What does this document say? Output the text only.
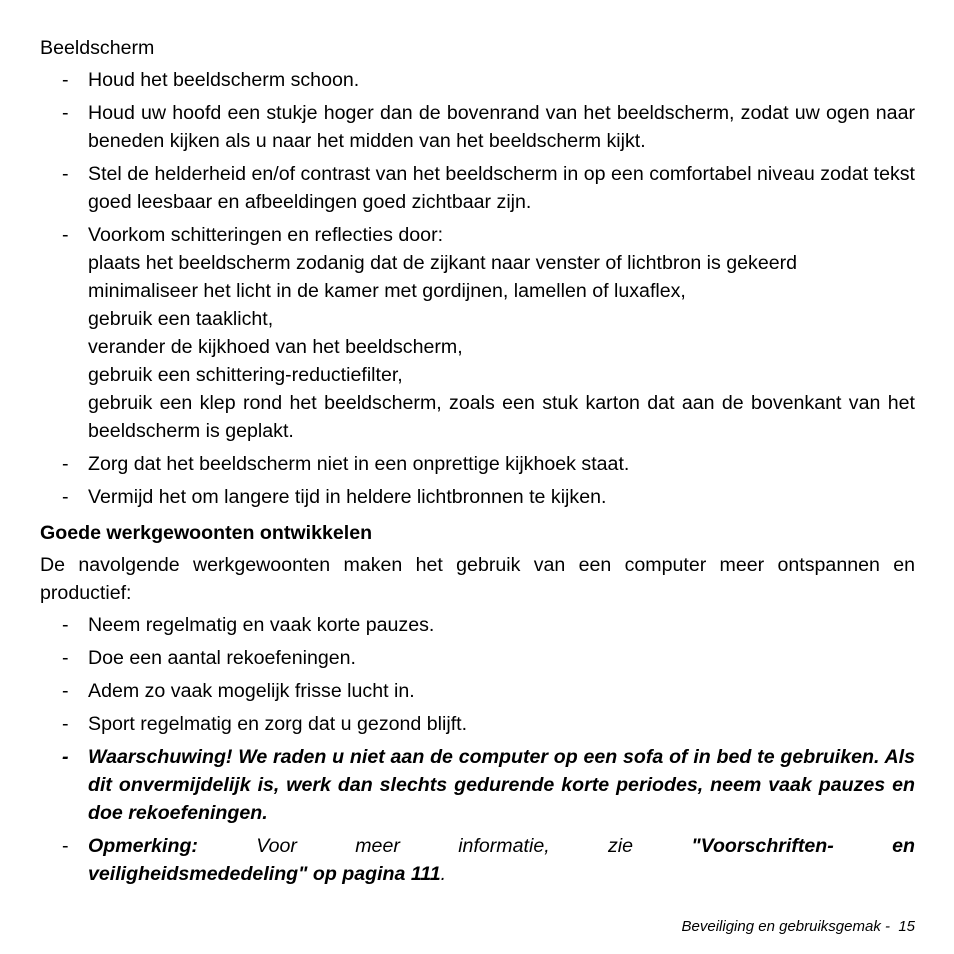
Beeldscherm
- Houd het beeldscherm schoon.
- Houd uw hoofd een stukje hoger dan de bovenrand van het beeldscherm, zodat uw ogen naar beneden kijken als u naar het midden van het beeldscherm kijkt.
- Stel de helderheid en/of contrast van het beeldscherm in op een comfortabel niveau zodat tekst goed leesbaar en afbeeldingen goed zichtbaar zijn.
- Voorkom schitteringen en reflecties door:
plaats het beeldscherm zodanig dat de zijkant naar venster of lichtbron is gekeerd
minimaliseer het licht in de kamer met gordijnen, lamellen of luxaflex,
gebruik een taaklicht,
verander de kijkhoed van het beeldscherm,
gebruik een schittering-reductiefilter,
gebruik een klep rond het beeldscherm, zoals een stuk karton dat aan de bovenkant van het beeldscherm is geplakt.
- Zorg dat het beeldscherm niet in een onprettige kijkhoek staat.
- Vermijd het om langere tijd in heldere lichtbronnen te kijken.
Goede werkgewoonten ontwikkelen
De navolgende werkgewoonten maken het gebruik van een computer meer ontspannen en productief:
- Neem regelmatig en vaak korte pauzes.
- Doe een aantal rekoefeningen.
- Adem zo vaak mogelijk frisse lucht in.
- Sport regelmatig en zorg dat u gezond blijft.
- Waarschuwing! We raden u niet aan de computer op een sofa of in bed te gebruiken. Als dit onvermijdelijk is, werk dan slechts gedurende korte periodes, neem vaak pauzes en doe rekoefeningen.
- Opmerking:	Voor	meer	informatie,	zie	"Voorschriften-	en
veiligheidsmededeling" op pagina 111.
Beveiliging en gebruiksgemak -  15
